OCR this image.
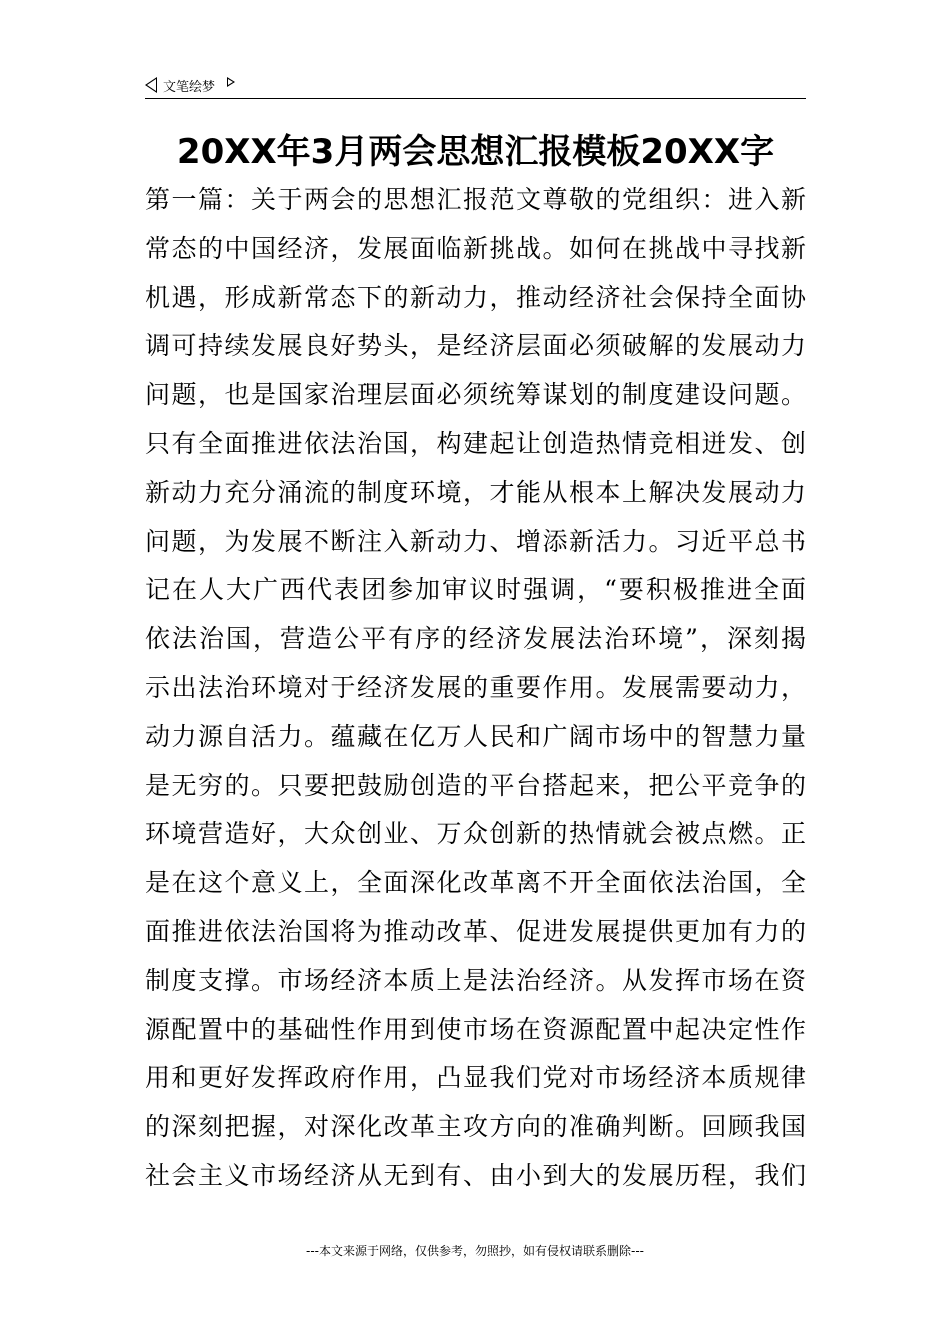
文笔绘梦
20XX年3月两会思想汇报模板20XX字
第一篇：关于两会的思想汇报范文尊敬的党组织：进入新
常态的中国经济，发展面临新挑战。如何在挑战中寻找新
机遇，形成新常态下的新动力，推动经济社会保持全面协
调可持续发展良好势头，是经济层面必须破解的发展动力
问题，也是国家治理层面必须统筹谋划的制度建设问题。
只有全面推进依法治国，构建起让创造热情竞相迸发、创
新动力充分涌流的制度环境，才能从根本上解决发展动力
问题，为发展不断注入新动力、增添新活力。习近平总书
记在人大广西代表团参加审议时强调，“要积极推进全面
依法治国，营造公平有序的经济发展法治环境”，深刻揭
示出法治环境对于经济发展的重要作用。发展需要动力，
动力源自活力。蕴藏在亿万人民和广阔市场中的智慧力量
是无穷的。只要把鼓励创造的平台搭起来，把公平竞争的
环境营造好，大众创业、万众创新的热情就会被点燃。正
是在这个意义上，全面深化改革离不开全面依法治国，全
面推进依法治国将为推动改革、促进发展提供更加有力的
制度支撑。市场经济本质上是法治经济。从发挥市场在资
源配置中的基础性作用到使市场在资源配置中起决定性作
用和更好发挥政府作用，凸显我们党对市场经济本质规律
的深刻把握，对深化改革主攻方向的准确判断。回顾我国
社会主义市场经济从无到有、由小到大的发展历程，我们
---本文来源于网络，仅供参考，勿照抄，如有侵权请联系删除---
